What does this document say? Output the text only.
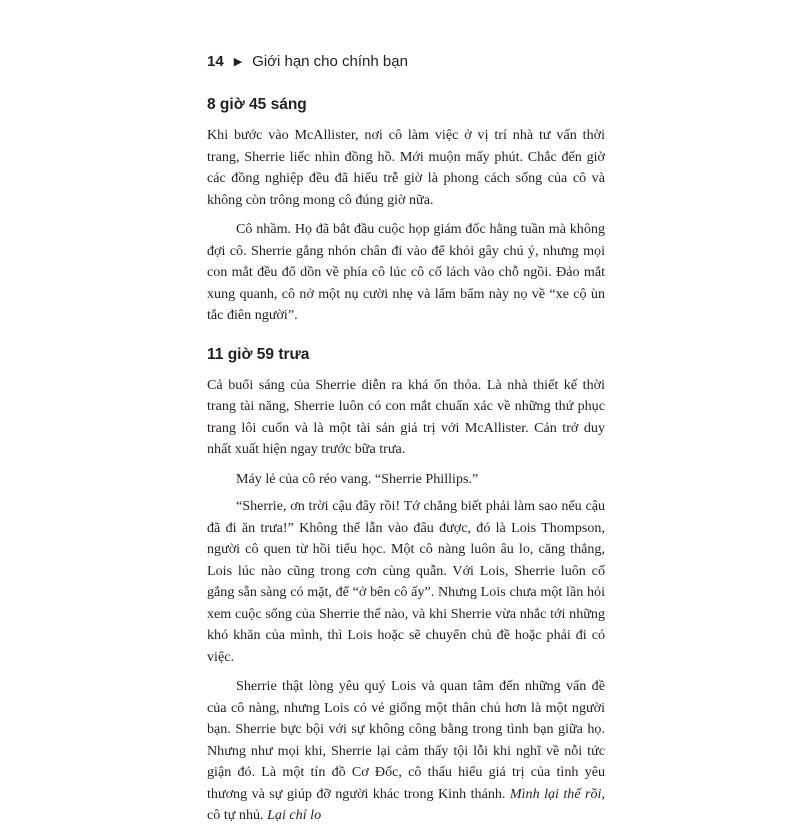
14 ▶ Giới hạn cho chính bạn
8 giờ 45 sáng

Khi bước vào McAllister, nơi cô làm việc ở vị trí nhà tư vấn thời trang, Sherrie liếc nhìn đồng hồ. Mới muộn mấy phút. Chắc đến giờ các đồng nghiệp đều đã hiểu trễ giờ là phong cách sống của cô và không còn trông mong cô đúng giờ nữa.

Cô nhầm. Họ đã bắt đầu cuộc họp giám đốc hằng tuần mà không đợi cô. Sherrie gắng nhón chân đi vào để khỏi gây chú ý, nhưng mọi con mắt đều đổ dồn về phía cô lúc cô cố lách vào chỗ ngồi. Đảo mắt xung quanh, cô nở một nụ cười nhẹ và lẩm bẩm này nọ về “xe cộ ùn tắc điên người”.

11 giờ 59 trưa

Cả buổi sáng của Sherrie diễn ra khá ổn thỏa. Là nhà thiết kế thời trang tài năng, Sherrie luôn có con mắt chuẩn xác về những thứ phục trang lôi cuốn và là một tài sản giá trị với McAllister. Cản trở duy nhất xuất hiện ngay trước bữa trưa.

Máy lẻ của cô réo vang. “Sherrie Phillips.”

“Sherrie, ơn trời cậu đây rồi! Tớ chẳng biết phải làm sao nếu cậu đã đi ăn trưa!” Không thể lẫn vào đâu được, đó là Lois Thompson, người cô quen từ hồi tiểu học. Một cô nàng luôn âu lo, căng thẳng, Lois lúc nào cũng trong cơn cùng quẫn. Với Lois, Sherrie luôn cố gắng sẵn sàng có mặt, để “ở bên cô ấy”. Nhưng Lois chưa một lần hỏi xem cuộc sống của Sherrie thế nào, và khi Sherrie vừa nhắc tới những khó khăn của mình, thì Lois hoặc sẽ chuyển chủ đề hoặc phải đi có việc.

Sherrie thật lòng yêu quý Lois và quan tâm đến những vấn đề của cô nàng, nhưng Lois có vẻ giống một thân chủ hơn là một người bạn. Sherrie bực bội với sự không công bằng trong tình bạn giữa họ. Nhưng như mọi khi, Sherrie lại cảm thấy tội lỗi khi nghĩ về nỗi tức giận đó. Là một tín đồ Cơ Đốc, cô thấu hiểu giá trị của tình yêu thương và sự giúp đỡ người khác trong Kinh thánh. Mình lại thế rồi, cô tự nhủ. Lại chỉ lo
